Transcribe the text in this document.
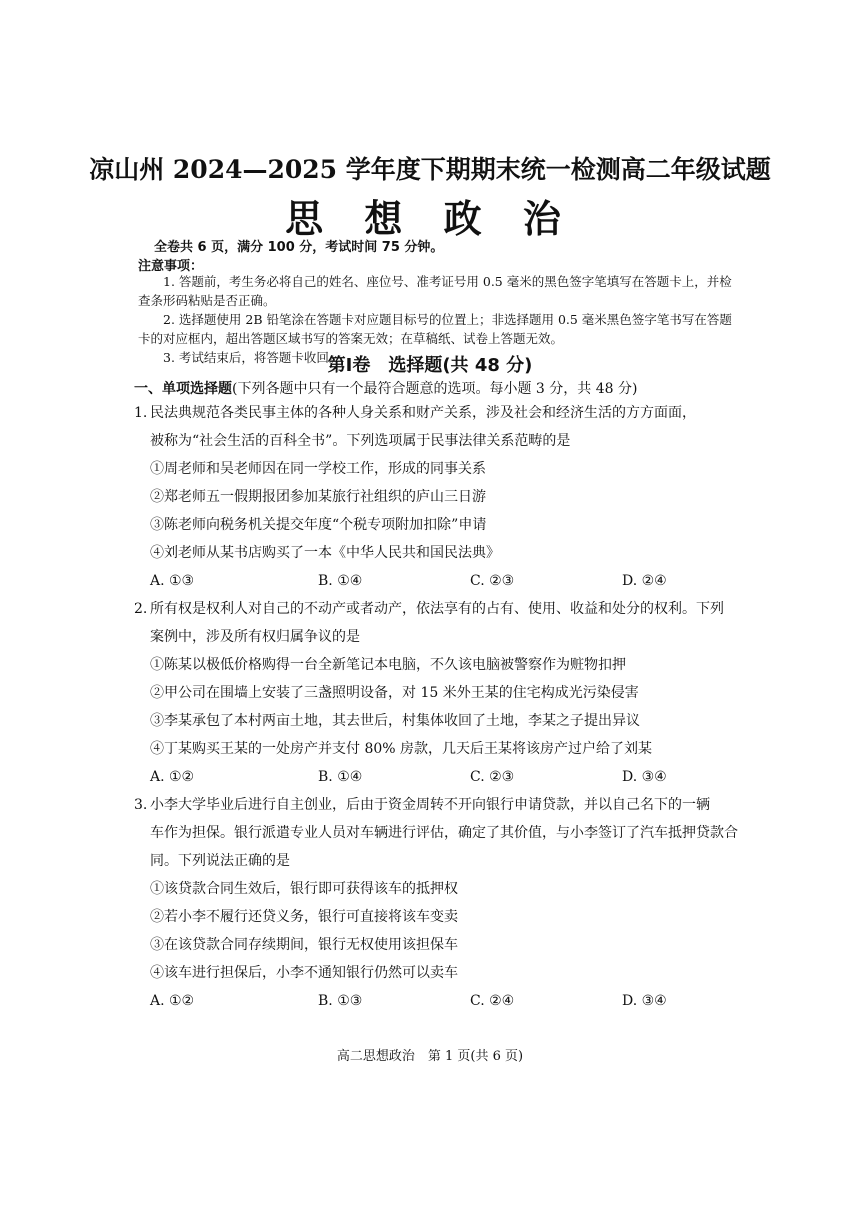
凉山州 2024—2025 学年度下期期末统一检测高二年级试题
思 想 政 治
全卷共 6 页，满分 100 分，考试时间 75 分钟。
注意事项：

1. 答题前，考生务必将自己的姓名、座位号、准考证号用 0.5 毫米的黑色签字笔填写在答题卡上，并检查条形码粘贴是否正确。

2. 选择题使用 2B 铅笔涂在答题卡对应题目标号的位置上；非选择题用 0.5 毫米黑色签字笔书写在答题卡的对应框内，超出答题区域书写的答案无效；在草稿纸、试卷上答题无效。

3. 考试结束后，将答题卡收回。

第Ⅰ卷　选择题(共 48 分)
一、单项选择题(下列各题中只有一个最符合题意的选项。每小题 3 分，共 48 分)
1. 民法典规范各类民事主体的各种人身关系和财产关系，涉及社会和经济生活的方方面面，
被称为“社会生活的百科全书”。下列选项属于民事法律关系范畴的是
①周老师和吴老师因在同一学校工作，形成的同事关系
②郑老师五一假期报团参加某旅行社组织的庐山三日游
③陈老师向税务机关提交年度“个税专项附加扣除”申请
④刘老师从某书店购买了一本《中华人民共和国民法典》
A. ①③	B. ①④	C. ②③	D. ②④
2. 所有权是权利人对自己的不动产或者动产，依法享有的占有、使用、收益和处分的权利。下列
案例中，涉及所有权归属争议的是
①陈某以极低价格购得一台全新笔记本电脑，不久该电脑被警察作为赃物扣押
②甲公司在围墙上安装了三盏照明设备，对 15 米外王某的住宅构成光污染侵害
③李某承包了本村两亩土地，其去世后，村集体收回了土地，李某之子提出异议
④丁某购买王某的一处房产并支付 80% 房款，几天后王某将该房产过户给了刘某
A. ①②	B. ①④	C. ②③	D. ③④
3. 小李大学毕业后进行自主创业，后由于资金周转不开向银行申请贷款，并以自己名下的一辆
车作为担保。银行派遣专业人员对车辆进行评估，确定了其价值，与小李签订了汽车抵押贷款合同。下列说法正确的是
①该贷款合同生效后，银行即可获得该车的抵押权
②若小李不履行还贷义务，银行可直接将该车变卖
③在该贷款合同存续期间，银行无权使用该担保车
④该车进行担保后，小李不通知银行仍然可以卖车
A. ①②	B. ①③	C. ②④	D. ③④
高二思想政治　第 1 页(共 6 页)
